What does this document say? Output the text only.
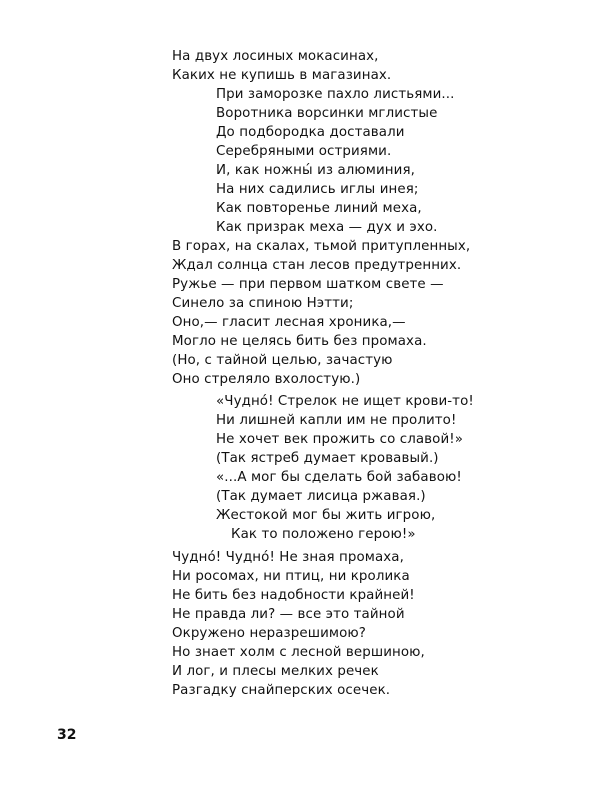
На двух лосиных мокасинах,
Каких не купишь в магазинах.
При заморозке пахло листьями...
Воротника ворсинки мглистые
До подбородка доставали
Серебряными остриями.
И, как ножны́ из алюминия,
На них садились иглы инея;
Как повторенье линий меха,
Как призрак меха — дух и эхо.
В горах, на скалах, тьмой притупленных,
Ждал солнца стан лесов предутренних.
Ружье — при первом шатком свете —
Синело за спиною Нэтти;
Оно,— гласит лесная хроника,—
Могло не целясь бить без промаха.
(Но, с тайной целью, зачастую
Оно стреляло вхолостую.)
«Чудно́! Стрелок не ищет крови-то!
Ни лишней капли им не пролито!
Не хочет век прожить со славой!»
(Так ястреб думает кровавый.)
«...А мог бы сделать бой забавою!
(Так думает лисица ржавая.)
Жестокой мог бы жить игрою,
Как то положено герою!»
Чудно́! Чудно́! Не зная промаха,
Ни росомах, ни птиц, ни кролика
Не бить без надобности крайней!
Не правда ли? — все это тайной
Окружено неразрешимою?
Но знает холм с лесной вершиною,
И лог, и плесы мелких речек
Разгадку снайперских осечек.
32
